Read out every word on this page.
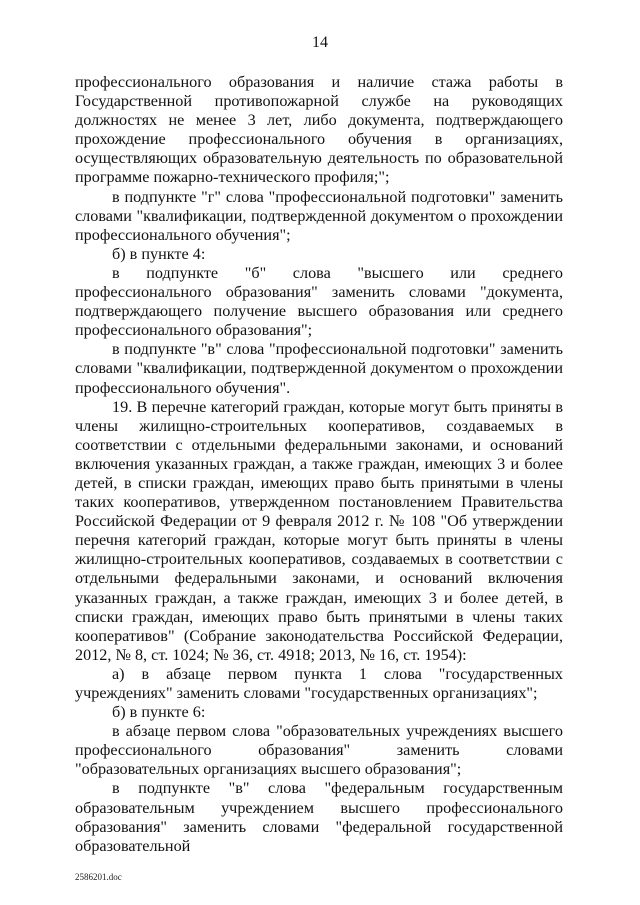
14

профессионального образования и наличие стажа работы в Государственной противопожарной службе на руководящих должностях не менее 3 лет, либо документа, подтверждающего прохождение профессионального обучения в организациях, осуществляющих образовательную деятельность по образовательной программе пожарно-технического профиля;";

в подпункте "г" слова "профессиональной подготовки" заменить словами "квалификации, подтвержденной документом о прохождении профессионального обучения";

б) в пункте 4:

в подпункте "б" слова "высшего или среднего профессионального образования" заменить словами "документа, подтверждающего получение высшего образования или среднего профессионального образования";

в подпункте "в" слова "профессиональной подготовки" заменить словами "квалификации, подтвержденной документом о прохождении профессионального обучения".

19. В перечне категорий граждан, которые могут быть приняты в члены жилищно-строительных кооперативов, создаваемых в соответствии с отдельными федеральными законами, и оснований включения указанных граждан, а также граждан, имеющих 3 и более детей, в списки граждан, имеющих право быть принятыми в члены таких кооперативов, утвержденном постановлением Правительства Российской Федерации от 9 февраля 2012 г. № 108 "Об утверждении перечня категорий граждан, которые могут быть приняты в члены жилищно-строительных кооперативов, создаваемых в соответствии с отдельными федеральными законами, и оснований включения указанных граждан, а также граждан, имеющих 3 и более детей, в списки граждан, имеющих право быть принятыми в члены таких кооперативов" (Собрание законодательства Российской Федерации, 2012, № 8, ст. 1024; № 36, ст. 4918; 2013, № 16, ст. 1954):

а) в абзаце первом пункта 1 слова "государственных учреждениях" заменить словами "государственных организациях";

б) в пункте 6:

в абзаце первом слова "образовательных учреждениях высшего профессионального образования" заменить словами "образовательных организациях высшего образования";

в подпункте "в" слова "федеральным государственным образовательным учреждением высшего профессионального образования" заменить словами "федеральной государственной образовательной

2586201.doc
